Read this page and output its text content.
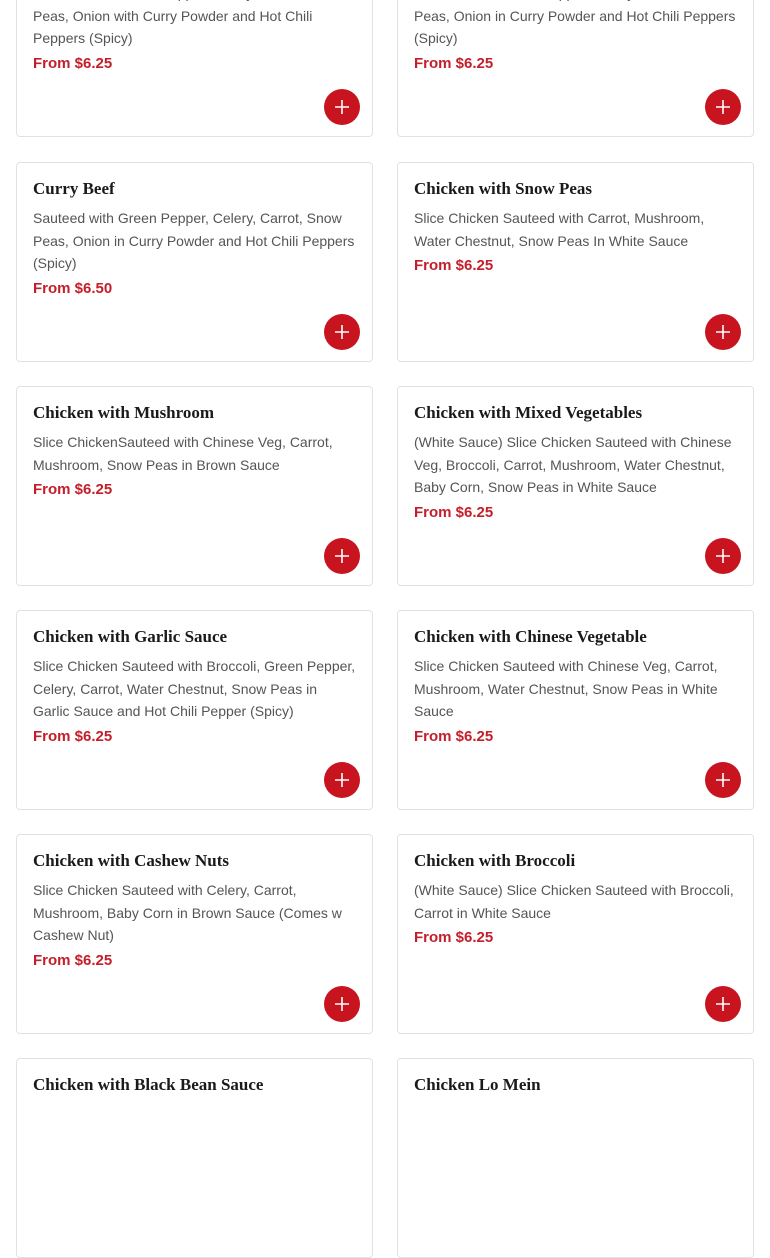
Peas, Onion with Curry Powder and Hot Chili Peppers (Spicy)

From $6.25

Peas, Onion in Curry Powder and Hot Chili Peppers (Spicy)

From $6.25
Curry Beef

Sauteed with Green Pepper, Celery, Carrot, Snow Peas, Onion in Curry Powder and Hot Chili Peppers (Spicy)

From $6.50
Chicken with Snow Peas

Slice Chicken Sauteed with Carrot, Mushroom, Water Chestnut, Snow Peas In White Sauce

From $6.25
Chicken with Mushroom

Slice ChickenSauteed with Chinese Veg, Carrot, Mushroom, Snow Peas in Brown Sauce

From $6.25
Chicken with Mixed Vegetables

(White Sauce) Slice Chicken Sauteed with Chinese Veg, Broccoli, Carrot, Mushroom, Water Chestnut, Baby Corn, Snow Peas in White Sauce

From $6.25
Chicken with Garlic Sauce

Slice Chicken Sauteed with Broccoli, Green Pepper, Celery, Carrot, Water Chestnut, Snow Peas in Garlic Sauce and Hot Chili Pepper (Spicy)

From $6.25
Chicken with Chinese Vegetable

Slice Chicken Sauteed with Chinese Veg, Carrot, Mushroom, Water Chestnut, Snow Peas in White Sauce

From $6.25
Chicken with Cashew Nuts

Slice Chicken Sauteed with Celery, Carrot, Mushroom, Baby Corn in Brown Sauce (Comes w Cashew Nut)

From $6.25
Chicken with Broccoli

(White Sauce) Slice Chicken Sauteed with Broccoli, Carrot in White Sauce

From $6.25
Chicken with Black Bean Sauce	Chicken Lo Mein
